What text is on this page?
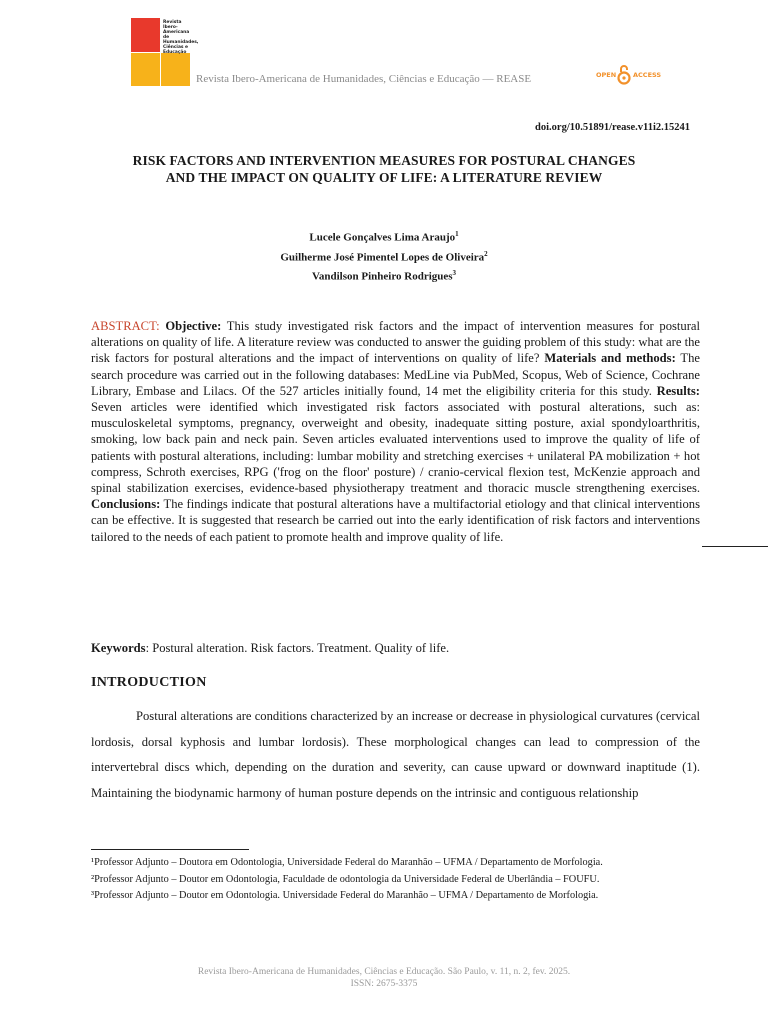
Revista Ibero-
Americana de
Humanidades,
Ciências e
Educação
Revista Ibero-Americana de Humanidades, Ciências e Educação — REASE	OPEN	ACCESS
doi.org/10.51891/rease.v11i2.15241
RISK FACTORS AND INTERVENTION MEASURES FOR POSTURAL CHANGES
AND THE IMPACT ON QUALITY OF LIFE: A LITERATURE REVIEW
Lucele Gonçalves Lima Araujo$^1$
Guilherme José Pimentel Lopes de Oliveira$^2$
Vandilson Pinheiro Rodrigues$^3$
ABSTRACT: Objective: This study investigated risk factors and the impact of intervention measures for postural alterations on quality of life. A literature review was conducted to answer the guiding problem of this study: what are the risk factors for postural alterations and the impact of interventions on quality of life? Materials and methods: The search procedure was carried out in the following databases: MedLine via PubMed, Scopus, Web of Science, Cochrane Library, Embase and Lilacs. Of the 527 articles initially found, 14 met the eligibility criteria for this study. Results: Seven articles were identified which investigated risk factors associated with postural alterations, such as: musculoskeletal symptoms, pregnancy, overweight and obesity, inadequate sitting posture, axial spondyloarthritis, smoking, low back pain and neck pain. Seven articles evaluated interventions used to improve the quality of life of patients with postural alterations, including: lumbar mobility and stretching exercises + unilateral PA mobilization + hot compress, Schroth exercises, RPG ('frog on the floor' posture) / cranio-cervical flexion test, McKenzie approach and spinal stabilization exercises, evidence-based physiotherapy treatment and thoracic muscle strengthening exercises. Conclusions: The findings indicate that postural alterations have a multifactorial etiology and that clinical interventions can be effective. It is suggested that research be carried out into the early identification of risk factors and interventions tailored to the needs of each patient to promote health and improve quality of life.
Keywords: Postural alteration. Risk factors. Treatment. Quality of life.
INTRODUCTION
Postural alterations are conditions characterized by an increase or decrease in physiological curvatures (cervical lordosis, dorsal kyphosis and lumbar lordosis). These morphological changes can lead to compression of the intervertebral discs which, depending on the duration and severity, can cause upward or downward inaptitude (1). Maintaining the biodynamic harmony of human posture depends on the intrinsic and contiguous relationship

¹Professor Adjunto – Doutora em Odontologia, Universidade Federal do Maranhão – UFMA / Departamento de Morfologia.

²Professor Adjunto – Doutor em Odontologia, Faculdade de odontologia da Universidade Federal de Uberlândia – FOUFU.

³Professor Adjunto – Doutor em Odontologia. Universidade Federal do Maranhão – UFMA / Departamento de Morfologia.

Revista Ibero-Americana de Humanidades, Ciências e Educação. São Paulo, v. 11, n. 2, fev. 2025.
ISSN: 2675-3375
